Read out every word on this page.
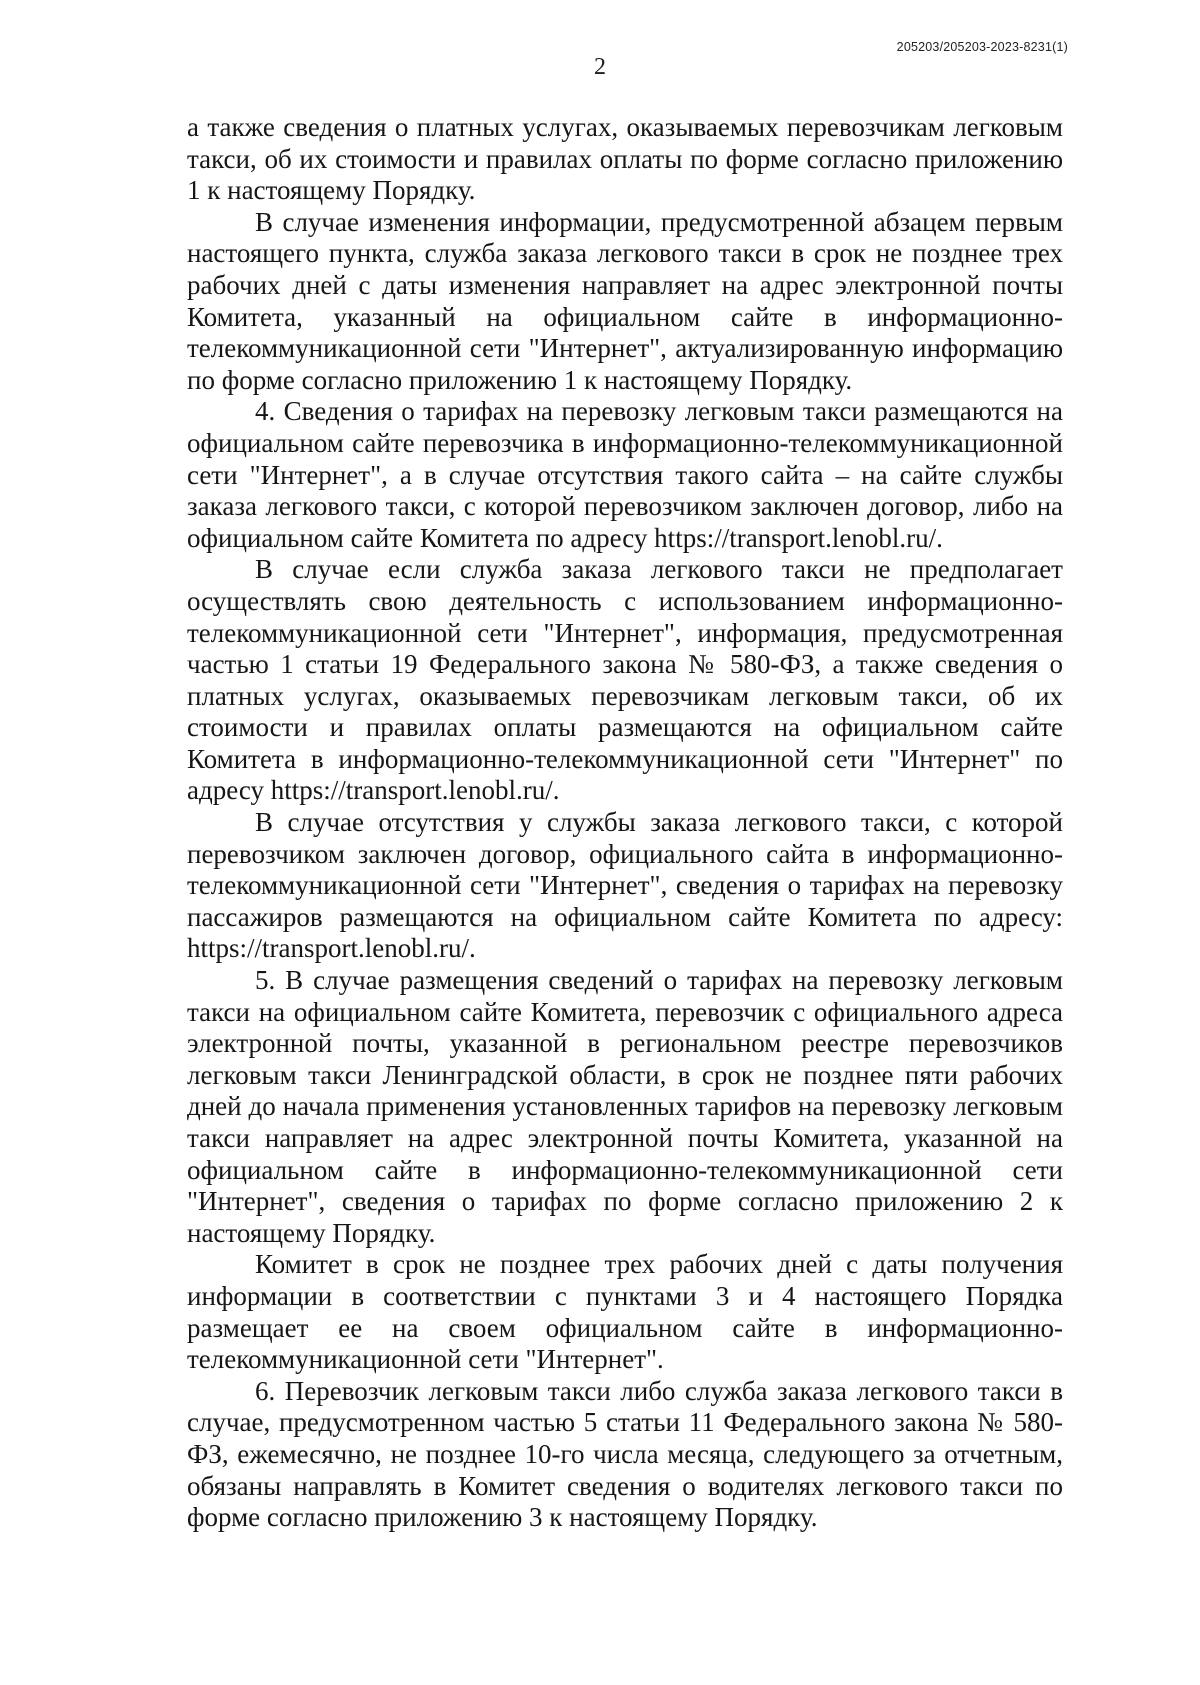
205203/205203-2023-8231(1)
2

а также сведения о платных услугах, оказываемых перевозчикам легковым такси, об их стоимости и правилах оплаты по форме согласно приложению 1 к настоящему Порядку.

В случае изменения информации, предусмотренной абзацем первым настоящего пункта, служба заказа легкового такси в срок не позднее трех рабочих дней с даты изменения направляет на адрес электронной почты Комитета, указанный на официальном сайте в информационно-телекоммуникационной сети "Интернет", актуализированную информацию по форме согласно приложению 1 к настоящему Порядку.

4. Сведения о тарифах на перевозку легковым такси размещаются на официальном сайте перевозчика в информационно-телекоммуникационной сети "Интернет", а в случае отсутствия такого сайта – на сайте службы заказа легкового такси, с которой перевозчиком заключен договор, либо на официальном сайте Комитета по адресу https://transport.lenobl.ru/.

В случае если служба заказа легкового такси не предполагает осуществлять свою деятельность с использованием информационно-телекоммуникационной сети "Интернет", информация, предусмотренная частью 1 статьи 19 Федерального закона № 580-ФЗ, а также сведения о платных услугах, оказываемых перевозчикам легковым такси, об их стоимости и правилах оплаты размещаются на официальном сайте Комитета в информационно-телекоммуникационной сети "Интернет" по адресу https://transport.lenobl.ru/.

В случае отсутствия у службы заказа легкового такси, с которой перевозчиком заключен договор, официального сайта в информационно-телекоммуникационной сети "Интернет", сведения о тарифах на перевозку пассажиров размещаются на официальном сайте Комитета по адресу: https://transport.lenobl.ru/.

5. В случае размещения сведений о тарифах на перевозку легковым такси на официальном сайте Комитета, перевозчик с официального адреса электронной почты, указанной в региональном реестре перевозчиков легковым такси Ленинградской области, в срок не позднее пяти рабочих дней до начала применения установленных тарифов на перевозку легковым такси направляет на адрес электронной почты Комитета, указанной на официальном сайте в информационно-телекоммуникационной сети "Интернет", сведения о тарифах по форме согласно приложению 2 к настоящему Порядку.

Комитет в срок не позднее трех рабочих дней с даты получения информации в соответствии с пунктами 3 и 4 настоящего Порядка размещает ее на своем официальном сайте в информационно-телекоммуникационной сети "Интернет".

6. Перевозчик легковым такси либо служба заказа легкового такси в случае, предусмотренном частью 5 статьи 11 Федерального закона № 580-ФЗ, ежемесячно, не позднее 10-го числа месяца, следующего за отчетным, обязаны направлять в Комитет сведения о водителях легкового такси по форме согласно приложению 3 к настоящему Порядку.
